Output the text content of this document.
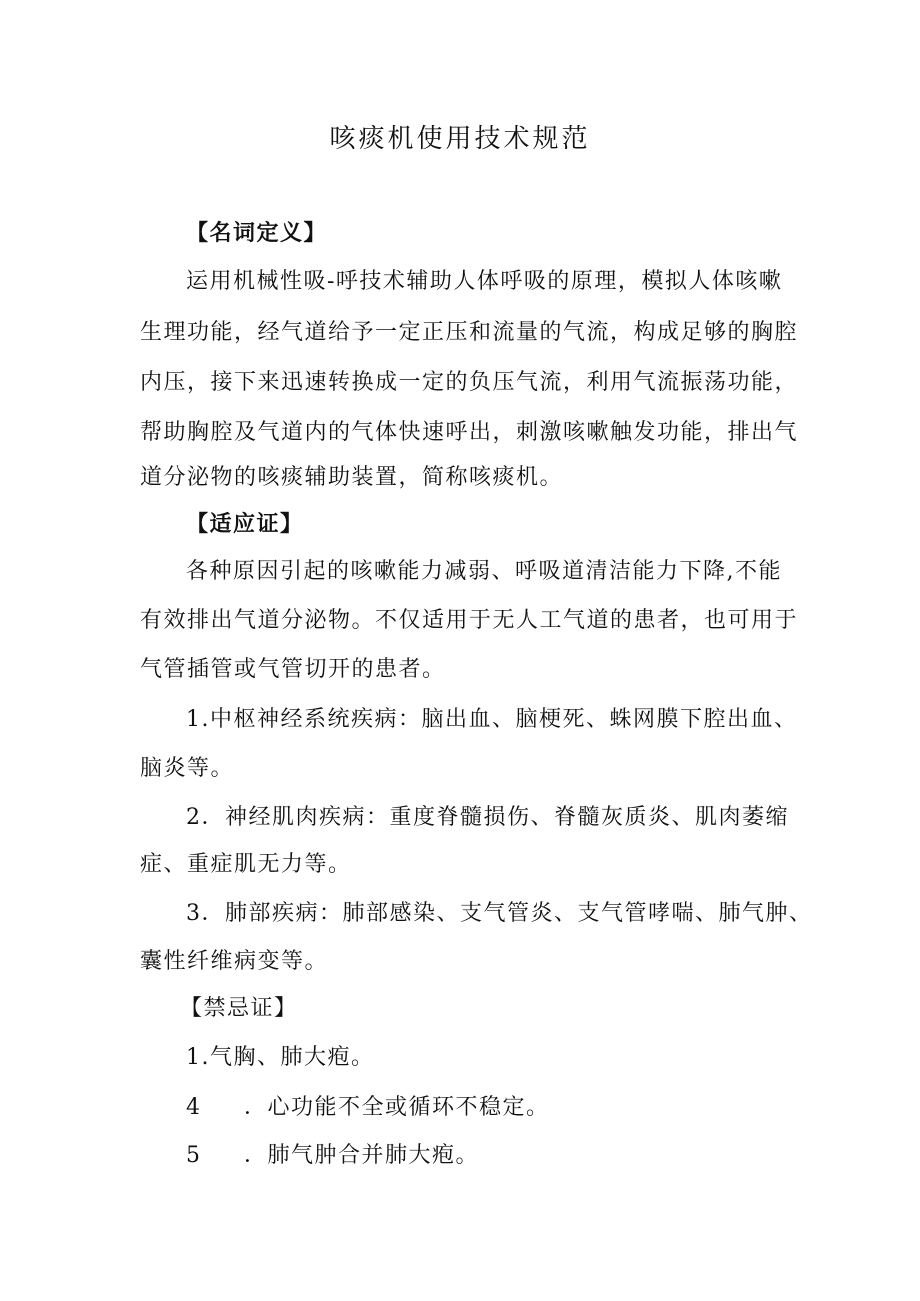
咳痰机使用技术规范
【名词定义】
运用机械性吸-呼技术辅助人体呼吸的原理，模拟人体咳嗽
生理功能，经气道给予一定正压和流量的气流，构成足够的胸腔
内压，接下来迅速转换成一定的负压气流，利用气流振荡功能，
帮助胸腔及气道内的气体快速呼出，刺激咳嗽触发功能，排出气
道分泌物的咳痰辅助装置，简称咳痰机。
【适应证】
各种原因引起的咳嗽能力减弱、呼吸道清洁能力下降,不能
有效排出气道分泌物。不仅适用于无人工气道的患者，也可用于
气管插管或气管切开的患者。
1.中枢神经系统疾病：脑出血、脑梗死、蛛网膜下腔出血、
脑炎等。
2．神经肌肉疾病：重度脊髓损伤、脊髓灰质炎、肌肉萎缩
症、重症肌无力等。
3．肺部疾病：肺部感染、支气管炎、支气管哮喘、肺气肿、
囊性纤维病变等。
【禁忌证】
1.气胸、肺大疱。
4 ．心功能不全或循环不稳定。
5 ．肺气肿合并肺大疱。
